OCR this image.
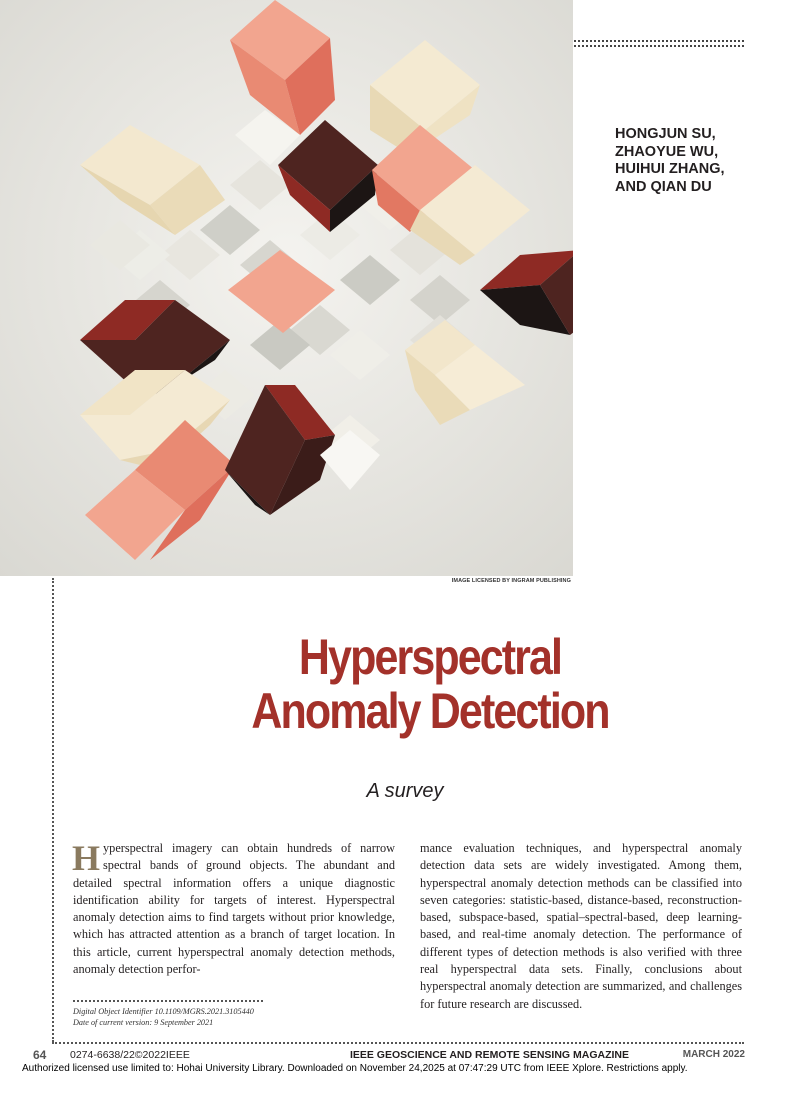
IMAGE LICENSED BY INGRAM PUBLISHING
HONGJUN SU,
ZHAOYUE WU,
HUIHUI ZHANG,
AND QIAN DU
Hyperspectral
Anomaly Detection
A survey

Hyperspectral imagery can obtain hundreds of narrow spectral bands of ground objects. The abundant and detailed spectral information offers a unique diagnostic identification ability for targets of interest. Hyperspectral anomaly detection aims to find targets without prior knowledge, which has attracted attention as a branch of target location. In this article, current hyperspectral anomaly detection methods, anomaly detection perfor-

mance evaluation techniques, and hyperspectral anomaly detection data sets are widely investigated. Among them, hyperspectral anomaly detection methods can be classified into seven categories: statistic-based, distance-based, reconstruction-based, subspace-based, spatial–spectral-based, deep learning-based, and real-time anomaly detection. The performance of different types of detection methods is also verified with three real hyperspectral data sets. Finally, conclusions about hyperspectral anomaly detection are summarized, and challenges for future research are discussed.

Digital Object Identifier 10.1109/MGRS.2021.3105440
Date of current version: 9 September 2021
64 0274-6638/22©2022IEEE	IEEE GEOSCIENCE AND REMOTE SENSING MAGAZINE	MARCH 2022
Authorized licensed use limited to: Hohai University Library. Downloaded on November 24,2025 at 07:47:29 UTC from IEEE Xplore. Restrictions apply.
